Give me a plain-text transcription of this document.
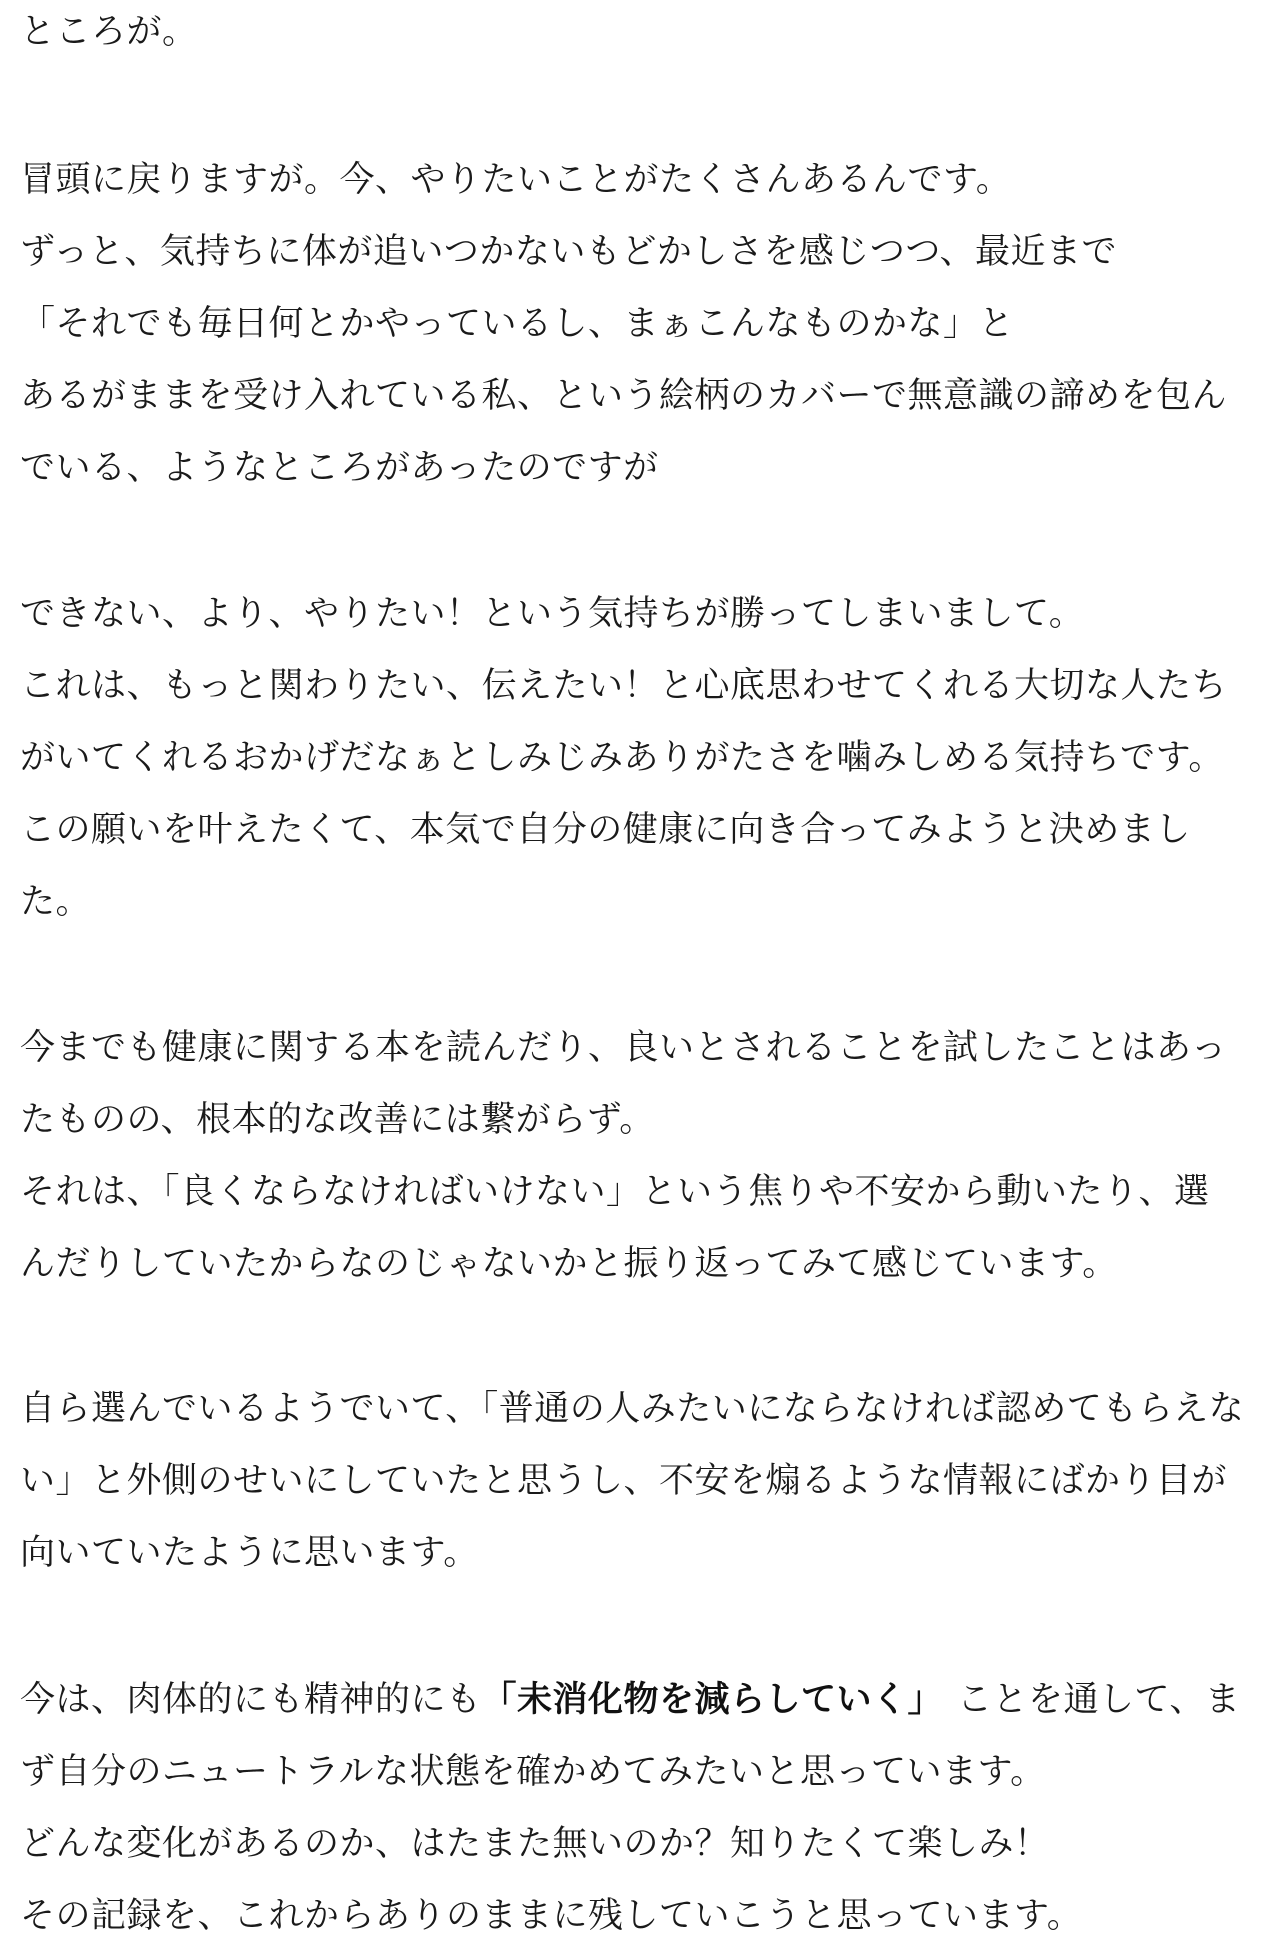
ところが。
冒頭に戻りますが。今、やりたいことがたくさんあるんです。
ずっと、気持ちに体が追いつかないもどかしさを感じつつ、最近まで
「それでも毎日何とかやっているし、まぁこんなものかな」と
あるがままを受け入れている私、という絵柄のカバーで無意識の諦めを包ん
でいる、ようなところがあったのですが
できない、より、やりたい！という気持ちが勝ってしまいまして。
これは、もっと関わりたい、伝えたい！と心底思わせてくれる大切な人たち
がいてくれるおかげだなぁとしみじみありがたさを噛みしめる気持ちです。
この願いを叶えたくて、本気で自分の健康に向き合ってみようと決めまし
た。
今までも健康に関する本を読んだり、良いとされることを試したことはあっ
たものの、根本的な改善には繋がらず。
それは、「良くならなければいけない」という焦りや不安から動いたり、選
んだりしていたからなのじゃないかと振り返ってみて感じています。
自ら選んでいるようでいて、「普通の人みたいにならなければ認めてもらえな
い」と外側のせいにしていたと思うし、不安を煽るような情報にばかり目が
向いていたように思います。
今は、肉体的にも精神的にも「未消化物を減らしていく」 ことを通して、ま
ず自分のニュートラルな状態を確かめてみたいと思っています。
どんな変化があるのか、はたまた無いのか？知りたくて楽しみ！
その記録を、これからありのままに残していこうと思っています。
